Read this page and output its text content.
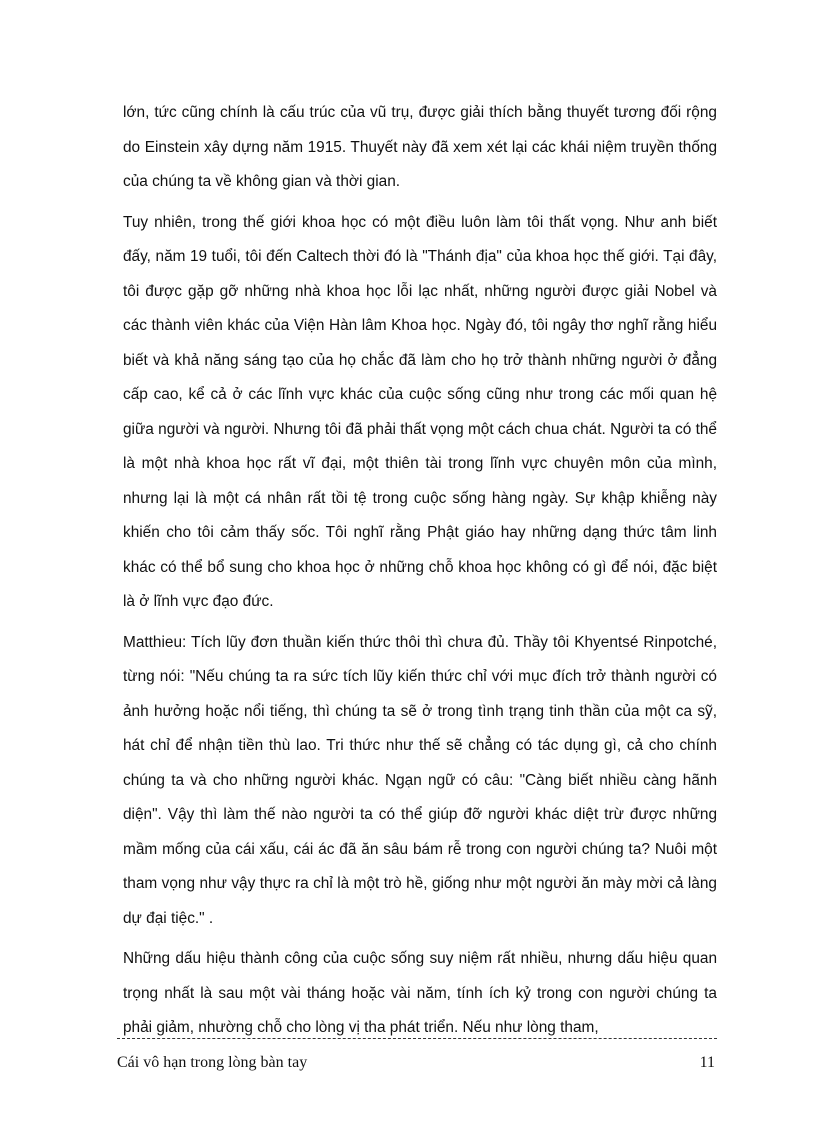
lớn, tức cũng chính là cấu trúc của vũ trụ, được giải thích bằng thuyết tương đối rộng do Einstein xây dựng năm 1915. Thuyết này đã xem xét lại các khái niệm truyền thống của chúng ta về không gian và thời gian.

Tuy nhiên, trong thế giới khoa học có một điều luôn làm tôi thất vọng. Như anh biết đấy, năm 19 tuổi, tôi đến Caltech thời đó là "Thánh địa" của khoa học thế giới. Tại đây, tôi được gặp gỡ những nhà khoa học lỗi lạc nhất, những người được giải Nobel và các thành viên khác của Viện Hàn lâm Khoa học. Ngày đó, tôi ngây thơ nghĩ rằng hiểu biết và khả năng sáng tạo của họ chắc đã làm cho họ trở thành những người ở đẳng cấp cao, kể cả ở các lĩnh vực khác của cuộc sống cũng như trong các mối quan hệ giữa người và người. Nhưng tôi đã phải thất vọng một cách chua chát. Người ta có thể là một nhà khoa học rất vĩ đại, một thiên tài trong lĩnh vực chuyên môn của mình, nhưng lại là một cá nhân rất tồi tệ trong cuộc sống hàng ngày. Sự khập khiễng này khiến cho tôi cảm thấy sốc. Tôi nghĩ rằng Phật giáo hay những dạng thức tâm linh khác có thể bổ sung cho khoa học ở những chỗ khoa học không có gì để nói, đặc biệt là ở lĩnh vực đạo đức.

Matthieu: Tích lũy đơn thuần kiến thức thôi thì chưa đủ. Thầy tôi Khyentsé Rinpotché, từng nói: "Nếu chúng ta ra sức tích lũy kiến thức chỉ với mục đích trở thành người có ảnh hưởng hoặc nổi tiếng, thì chúng ta sẽ ở trong tình trạng tinh thần của một ca sỹ, hát chỉ để nhận tiền thù lao. Tri thức như thế sẽ chẳng có tác dụng gì, cả cho chính chúng ta và cho những người khác. Ngạn ngữ có câu: "Càng biết nhiều càng hãnh diện". Vậy thì làm thế nào người ta có thể giúp đỡ người khác diệt trừ được những mầm mống của cái xấu, cái ác đã ăn sâu bám rễ trong con người chúng ta? Nuôi một tham vọng như vậy thực ra chỉ là một trò hề, giống như một người ăn mày mời cả làng dự đại tiệc." .

Những dấu hiệu thành công của cuộc sống suy niệm rất nhiều, nhưng dấu hiệu quan trọng nhất là sau một vài tháng hoặc vài năm, tính ích kỷ trong con người chúng ta phải giảm, nhường chỗ cho lòng vị tha phát triển. Nếu như lòng tham,

Cái vô hạn trong lòng bàn tay	11
